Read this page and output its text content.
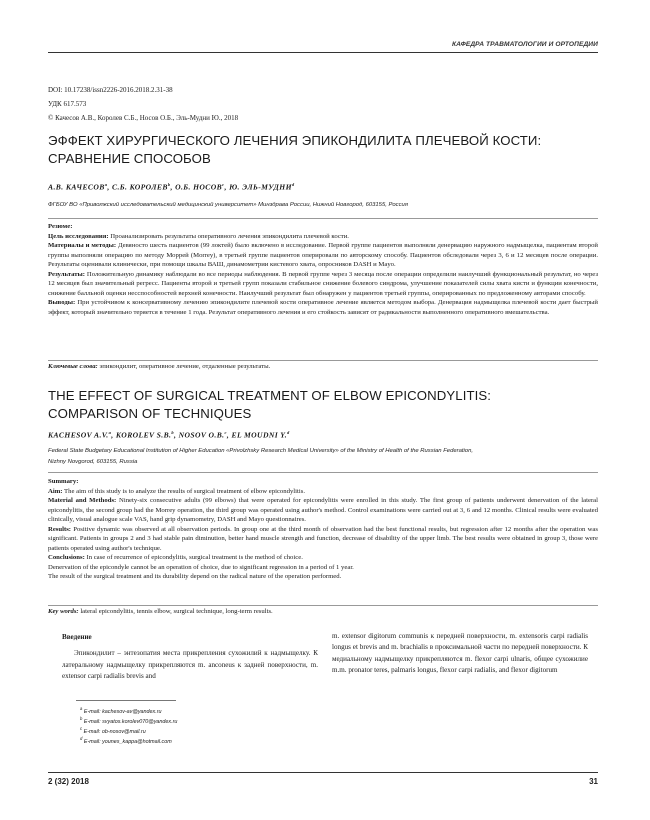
КАФЕДРА ТРАВМАТОЛОГИИ И ОРТОПЕДИИ
DOI: 10.17238/issn2226-2016.2018.2.31-38
УДК 617.573
© Качесов А.В., Королев С.Б., Носов О.Б., Эль-Мудни Ю., 2018
ЭФФЕКТ ХИРУРГИЧЕСКОГО ЛЕЧЕНИЯ ЭПИКОНДИЛИТА ПЛЕЧЕВОЙ КОСТИ:
СРАВНЕНИЕ СПОСОБОВ
А.В. КАЧЕСОВ$^a$, С.Б. КОРОЛЕВ$^b$, О.Б. НОСОВ$^c$, Ю. ЭЛЬ-МУДНИ$^d$
ФГБОУ ВО «Приволжский исследовательский медицинский университет» Минздрава России, Нижний Новгород, 603155, Россия

Резюме:

Цель исследования: Проанализировать результаты оперативного лечения эпикондилита плечевой кости.

Материалы и методы: Девяносто шесть пациентов (99 локтей) было включено в исследование. Первой группе пациентов выполняли денервацию наружного надмыщелка, пациентам второй группы выполняли операцию по методу Моррей (Morrey), в третьей группе пациентов оперировали по авторскому способу. Пациентов обследовали через 3, 6 и 12 месяцев после операции. Результаты оценивали клинически, при помощи шкалы ВАШ, динамометрии кистевого хвата, опросников DASH и Mayo.

Результаты: Положительную динамику наблюдали во все периоды наблюдения. В первой группе через 3 месяца после операции определили наилучший функциональный результат, но через 12 месяцев был значительный регресс. Пациенты второй и третьей групп показали стабильное снижение болевого синдрома, улучшение показателей силы хвата кисти и функции конечности, снижение балльной оценки несспособностей верхней конечности. Наилучший результат был обнаружен у пациентов третьей группы, оперированных по предложенному авторами способу.

Выводы: При устойчивом к консервативному лечению эпикондилите плечевой кости оперативное лечение является методом выбора. Денервация надмыщелка плечевой кости дает быстрый эффект, который значительно теряется в течение 1 года. Результат оперативного лечения и его стойкость зависят от радикальности выполненного оперативного вмешательства.

Ключевые слова: эпикондилит, оперативное лечение, отдаленные результаты.
THE EFFECT OF SURGICAL TREATMENT OF ELBOW EPICONDYLITIS:
COMPARISON OF TECHNIQUES
KACHESOV A.V.$^a$, KOROLEV S.B.$^b$, NOSOV O.B.$^c$, EL MOUDNI Y.$^d$
Federal State Budgetary Educational Institution of Higher Education «Privolzhsky Research Medical University» of the Ministry of Health of the Russian Federation,
Nizhny Novgorod, 603155, Russia

Summary:

Aim: The aim of this study is to analyze the results of surgical treatment of elbow epicondylitis.

Material and Methods: Ninety-six consecutive adults (99 elbows) that were operated for epicondylitis were enrolled in this study. The first group of patients underwent denervation of the lateral epicondylitis, the second group had the Morrey operation, the third group was operated using author's method. Control examinations were carried out at 3, 6 and 12 months. Clinical results were evaluated clinically, visual analogue scale VAS, hand grip dynamometry, DASH and Mayo questionnaires.

Results: Positive dynamic was observed at all observation periods. In group one at the third month of observation had the best functional results, but regression after 12 months after the operation was significant. Patients in groups 2 and 3 had stable pain diminution, better hand muscle strength and function, decrease of disability of the upper limb. The best results were obtained in group 3, those were patients operated using author's technique.

Conclusions: In case of recurrence of epicondylitis, surgical treatment is the method of choice.

Denervation of the epicondyle cannot be an operation of choice, due to significant regression in a period of 1 year.

The result of the surgical treatment and its durability depend on the radical nature of the operation performed.

Key words: lateral epicondylitis, tennis elbow, surgical technique, long-term results.

Введение

Эпикондилит – энтезопатия места прикрепления сухожилий к надмыщелку. К латеральному надмыщелку прикрепляются m. anconeus к задней поверхности, m. extensor carpi radialis brevis and

m. extensor digitorum communis к передней поверхности, m. extensoris carpi radialis longus et brevis and m. brachialis в проксимальной части по передней поверхности. К медиальному надмыщелку прикрепляются m. flexor carpi ulnaris, общее сухожилие m.m. pronator teres, palmaris longus, flexor carpi radialis, and flexor digitorum

$^a$ E-mail: kachesov-av@yandex.ru
$^b$ E-mail: svyatos.korolev070@yandex.ru
$^c$ E-mail: ob-nosov@mail.ru
$^d$ E-mail: younes_kappa@hotmail.com
2 (32) 2018	31
